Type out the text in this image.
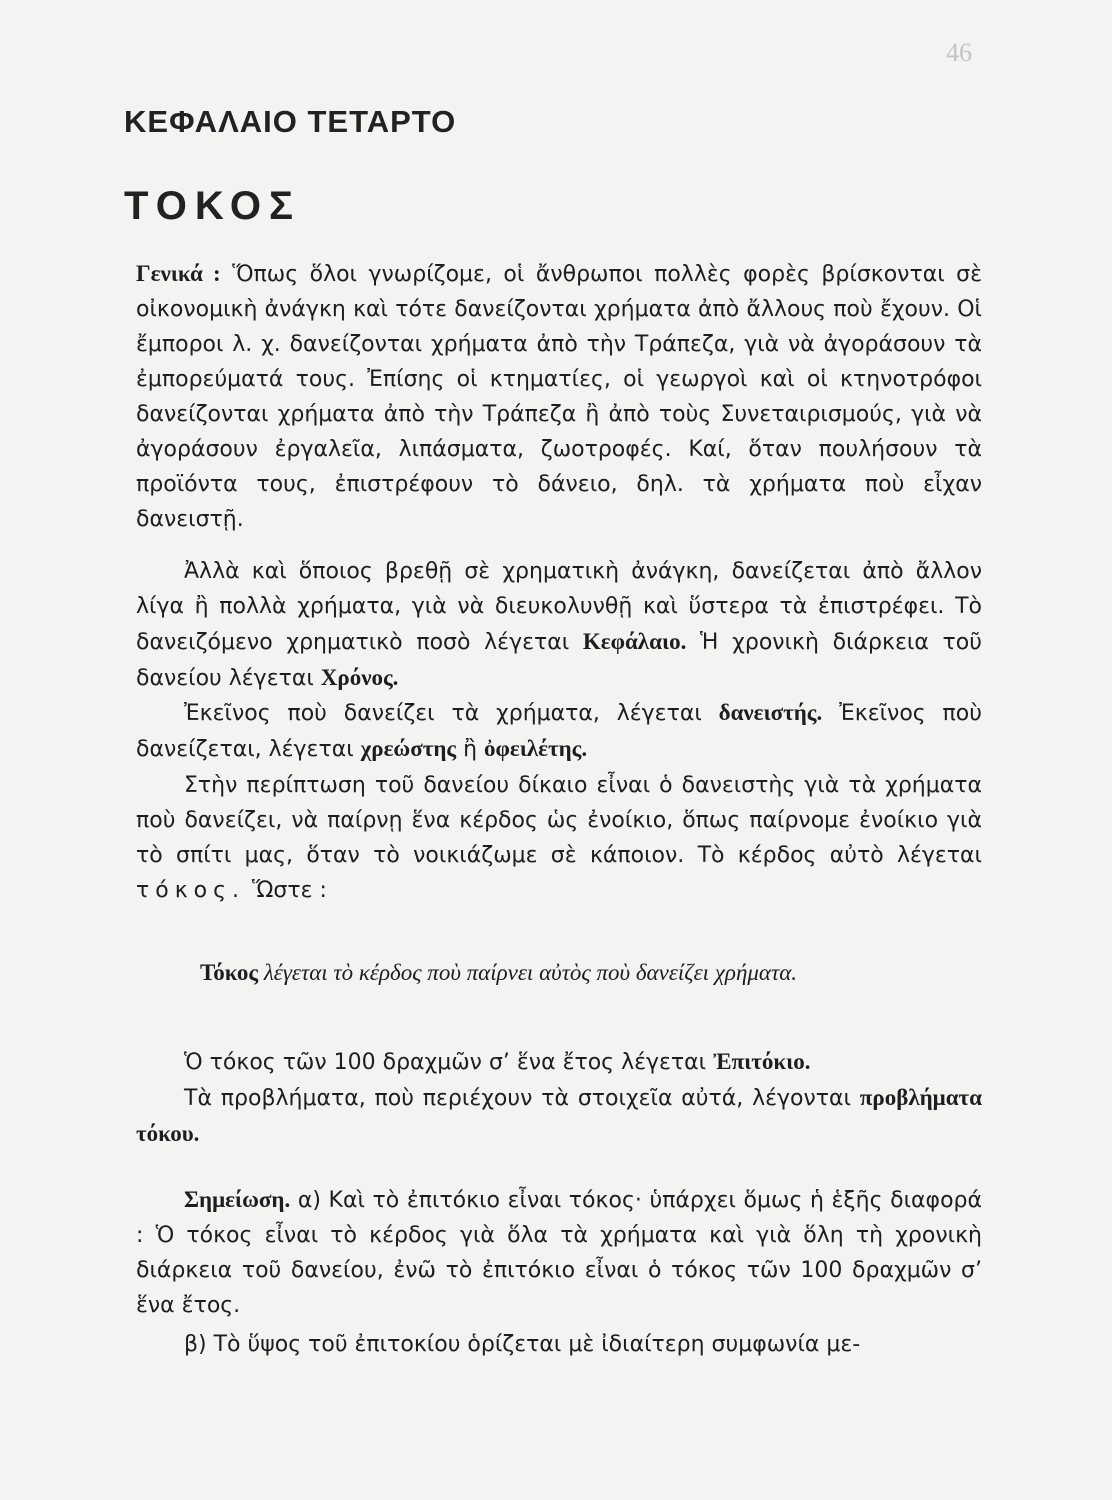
46
ΚΕΦΑΛΑΙΟ ΤΕΤΑΡΤΟ
ΤΟΚΟΣ
Γενικά : Ὅπως ὅλοι γνωρίζομε, οἱ ἄνθρωποι πολλὲς φορὲς βρίσκονται σὲ οἰκονομικὴ ἀνάγκη καὶ τότε δανείζονται χρήματα ἀπὸ ἄλλους ποὺ ἔχουν. Οἱ ἔμποροι λ. χ. δανείζονται χρήματα ἀπὸ τὴν Τράπεζα, γιὰ νὰ ἀγοράσουν τὰ ἐμπορεύματά τους. Ἐπίσης οἱ κτηματίες, οἱ γεωργοὶ καὶ οἱ κτηνοτρόφοι δανείζονται χρήματα ἀπὸ τὴν Τράπεζα ἢ ἀπὸ τοὺς Συνεταιρισμούς, γιὰ νὰ ἀγοράσουν ἐργαλεῖα, λιπάσματα, ζωοτροφές. Καί, ὅταν πουλήσουν τὰ προϊόντα τους, ἐπιστρέφουν τὸ δάνειο, δηλ. τὰ χρήματα ποὺ εἶχαν δανειστῇ.
Ἀλλὰ καὶ ὅποιος βρεθῇ σὲ χρηματικὴ ἀνάγκη, δανείζεται ἀπὸ ἄλλον λίγα ἢ πολλὰ χρήματα, γιὰ νὰ διευκολυνθῇ καὶ ὕστερα τὰ ἐπιστρέφει. Τὸ δανειζόμενο χρηματικὸ ποσὸ λέγεται Κεφάλαιο. Ἡ χρονικὴ διάρκεια τοῦ δανείου λέγεται Χρόνος.
Ἐκεῖνος ποὺ δανείζει τὰ χρήματα, λέγεται δανειστής. Ἐκεῖνος ποὺ δανείζεται, λέγεται χρεώστης ἢ ὀφειλέτης.
Στὴν περίπτωση τοῦ δανείου δίκαιο εἶναι ὁ δανειστὴς γιὰ τὰ χρήματα ποὺ δανείζει, νὰ παίρνῃ ἕνα κέρδος ὡς ἐνοίκιο, ὅπως παίρνομε ἐνοίκιο γιὰ τὸ σπίτι μας, ὅταν τὸ νοικιάζωμε σὲ κάποιον. Τὸ κέρδος αὐτὸ λέγεται τόκος. Ὥστε :
Τόκος λέγεται τὸ κέρδος ποὺ παίρνει αὐτὸς ποὺ δανείζει χρήματα.
Ὁ τόκος τῶν 100 δραχμῶν σ’ ἕνα ἔτος λέγεται Ἐπιτόκιο.
Τὰ προβλήματα, ποὺ περιέχουν τὰ στοιχεῖα αὐτά, λέγονται προβλήματα τόκου.
Σημείωση. α) Καὶ τὸ ἐπιτόκιο εἶναι τόκος· ὑπάρχει ὅμως ἡ ἑξῆς διαφορά : Ὁ τόκος εἶναι τὸ κέρδος γιὰ ὅλα τὰ χρήματα καὶ γιὰ ὅλη τὴ χρονικὴ διάρκεια τοῦ δανείου, ἐνῶ τὸ ἐπιτόκιο εἶναι ὁ τόκος τῶν 100 δραχμῶν σ’ ἕνα ἔτος.
β) Τὸ ὕψος τοῦ ἐπιτοκίου ὁρίζεται μὲ ἰδιαίτερη συμφωνία με-
